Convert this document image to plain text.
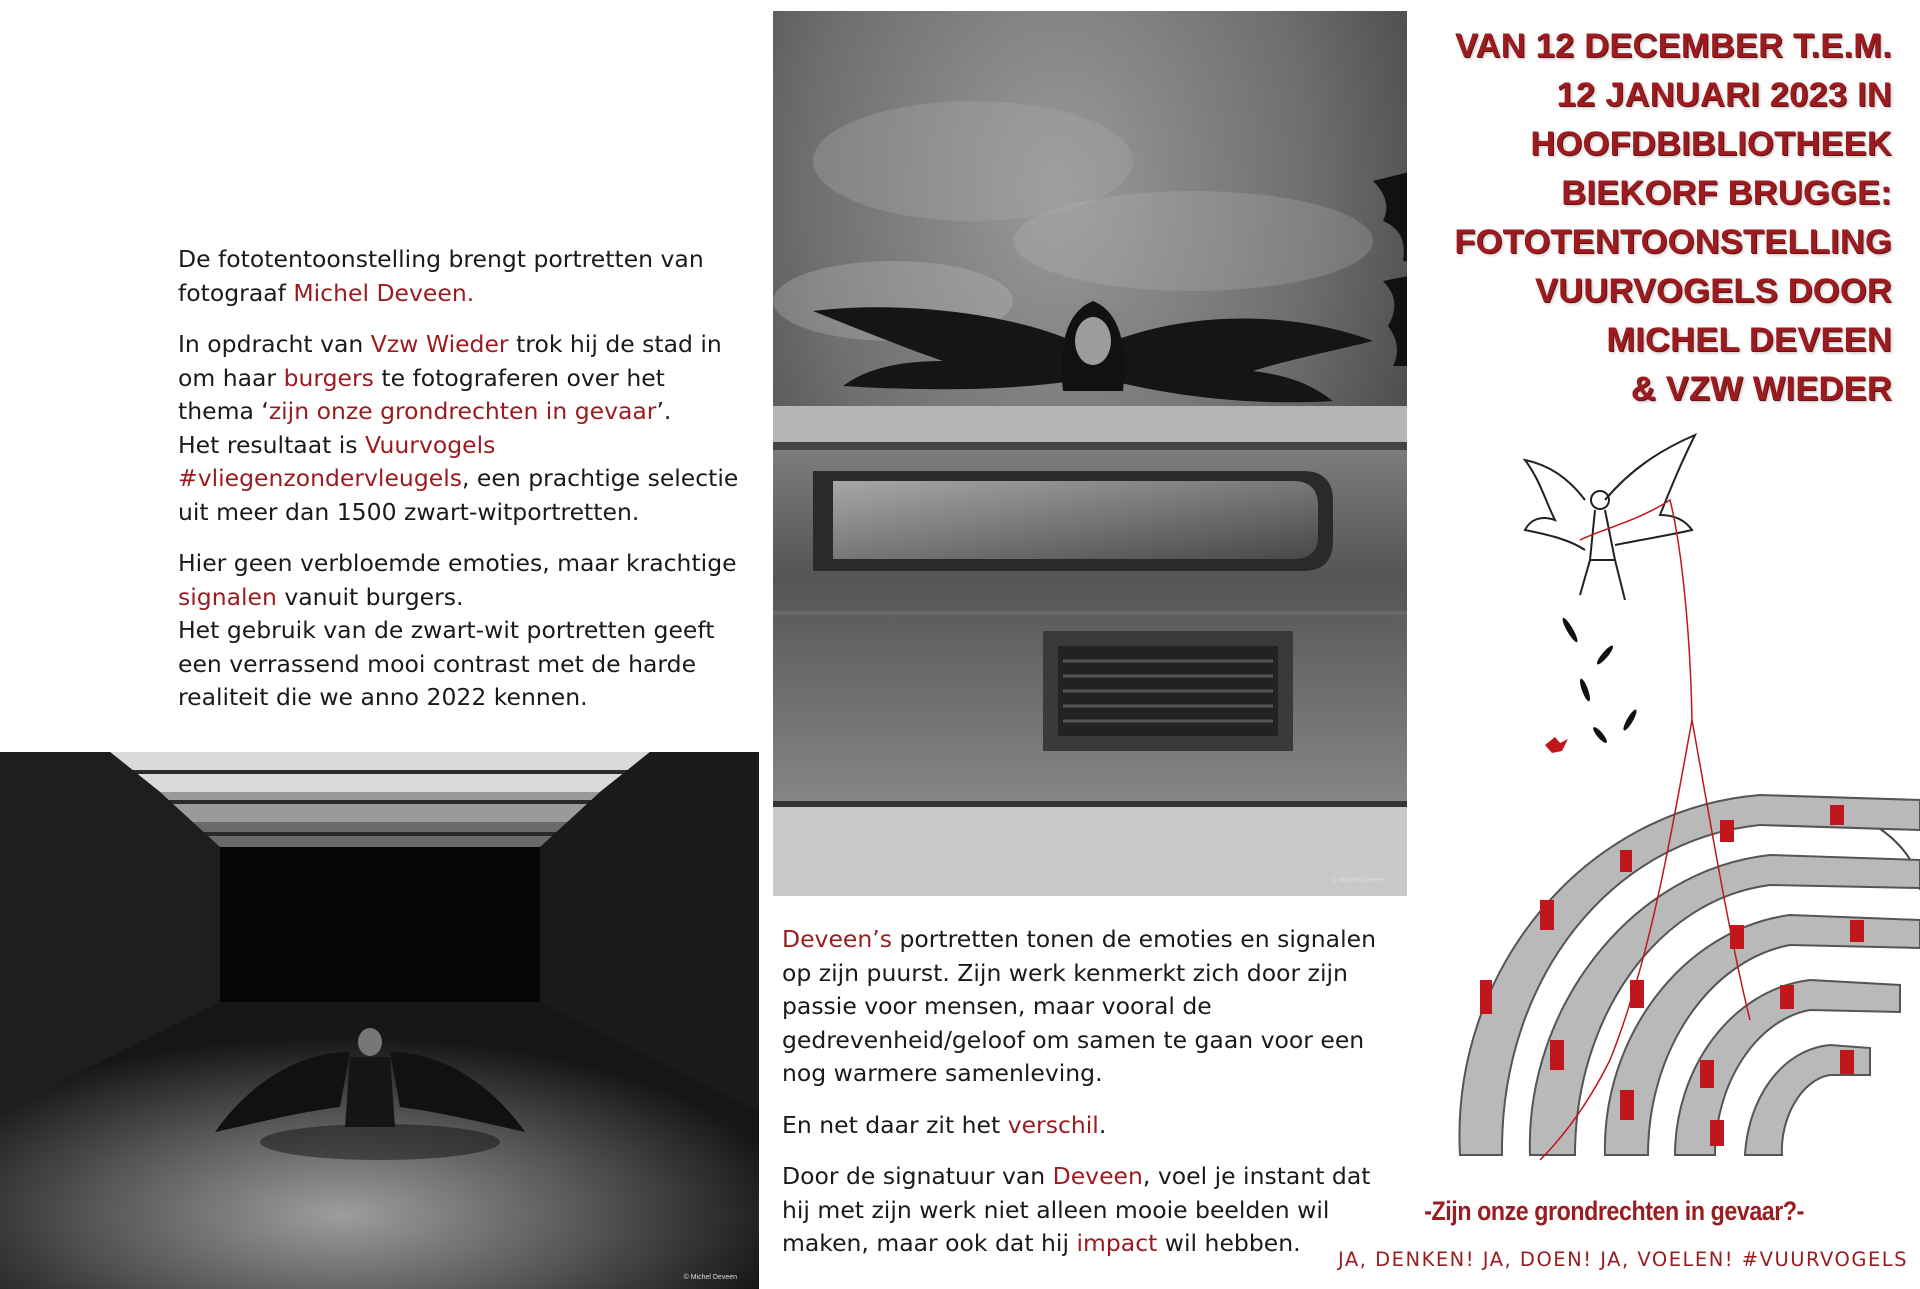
De fototentoonstelling brengt portretten van fotograaf Michel Deveen.

In opdracht van Vzw Wieder trok hij de stad in om haar burgers te fotograferen over het thema ‘zijn onze grondrechten in gevaar’.
Het resultaat is Vuurvogels #vliegenzondervleugels, een prachtige selectie uit meer dan 1500 zwart-witportretten.

Hier geen verbloemde emoties, maar krachtige signalen vanuit burgers.
Het gebruik van de zwart-wit portretten geeft een verrassend mooi contrast met de harde realiteit die we anno 2022 kennen.

© Michel Deveen
© Michel Deveen

Deveen’s portretten tonen de emoties en signalen op zijn puurst. Zijn werk kenmerkt zich door zijn passie voor mensen, maar vooral de gedrevenheid/geloof om samen te gaan voor een nog warmere samenleving.

En net daar zit het verschil.

Door de signatuur van Deveen, voel je instant dat hij met zijn werk niet alleen mooie beelden wil maken, maar ook dat hij impact wil hebben.

VAN 12 DECEMBER T.E.M.
12 JANUARI 2023 IN
HOOFDBIBLIOTHEEK
BIEKORF BRUGGE:
FOTOTENTOONSTELLING
VUURVOGELS DOOR
MICHEL DEVEEN
& VZW WIEDER
-Zijn onze grondrechten in gevaar?-
JA, DENKEN! JA, DOEN! JA, VOELEN! #VUURVOGELS
